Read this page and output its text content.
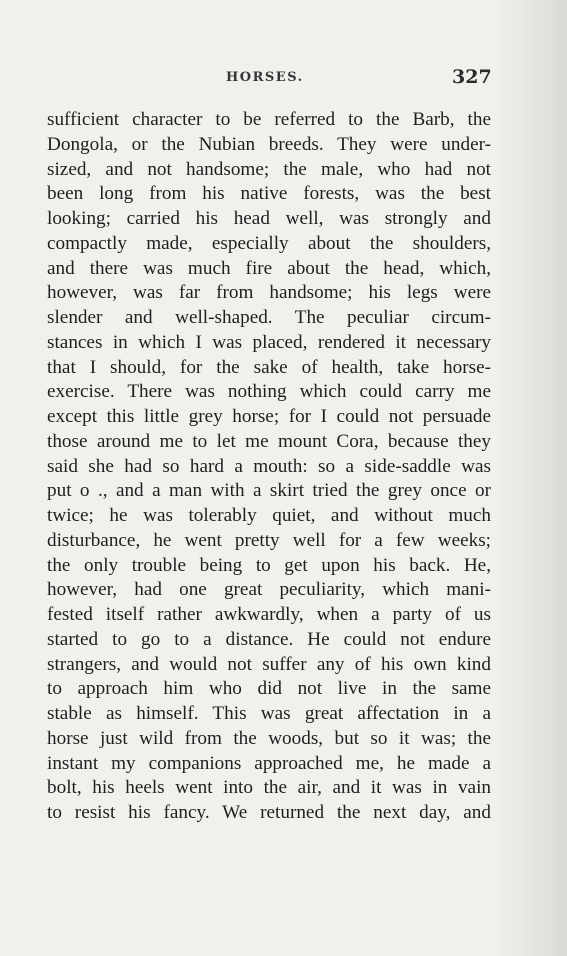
HORSES.	327
sufficient character to be referred to the Barb, the
Dongola, or the Nubian breeds. They were under-
sized, and not handsome; the male, who had not
been long from his native forests, was the best
looking; carried his head well, was strongly and
compactly made, especially about the shoulders,
and there was much fire about the head, which,
however, was far from handsome; his legs were
slender and well-shaped. The peculiar circum-
stances in which I was placed, rendered it necessary
that I should, for the sake of health, take horse-
exercise. There was nothing which could carry me
except this little grey horse; for I could not persuade
those around me to let me mount Cora, because they
said she had so hard a mouth: so a side-saddle was
put o ., and a man with a skirt tried the grey once or
twice; he was tolerably quiet, and without much
disturbance, he went pretty well for a few weeks;
the only trouble being to get upon his back. He,
however, had one great peculiarity, which mani-
fested itself rather awkwardly, when a party of us
started to go to a distance. He could not endure
strangers, and would not suffer any of his own kind
to approach him who did not live in the same
stable as himself. This was great affectation in a
horse just wild from the woods, but so it was; the
instant my companions approached me, he made a
bolt, his heels went into the air, and it was in vain
to resist his fancy. We returned the next day, and
